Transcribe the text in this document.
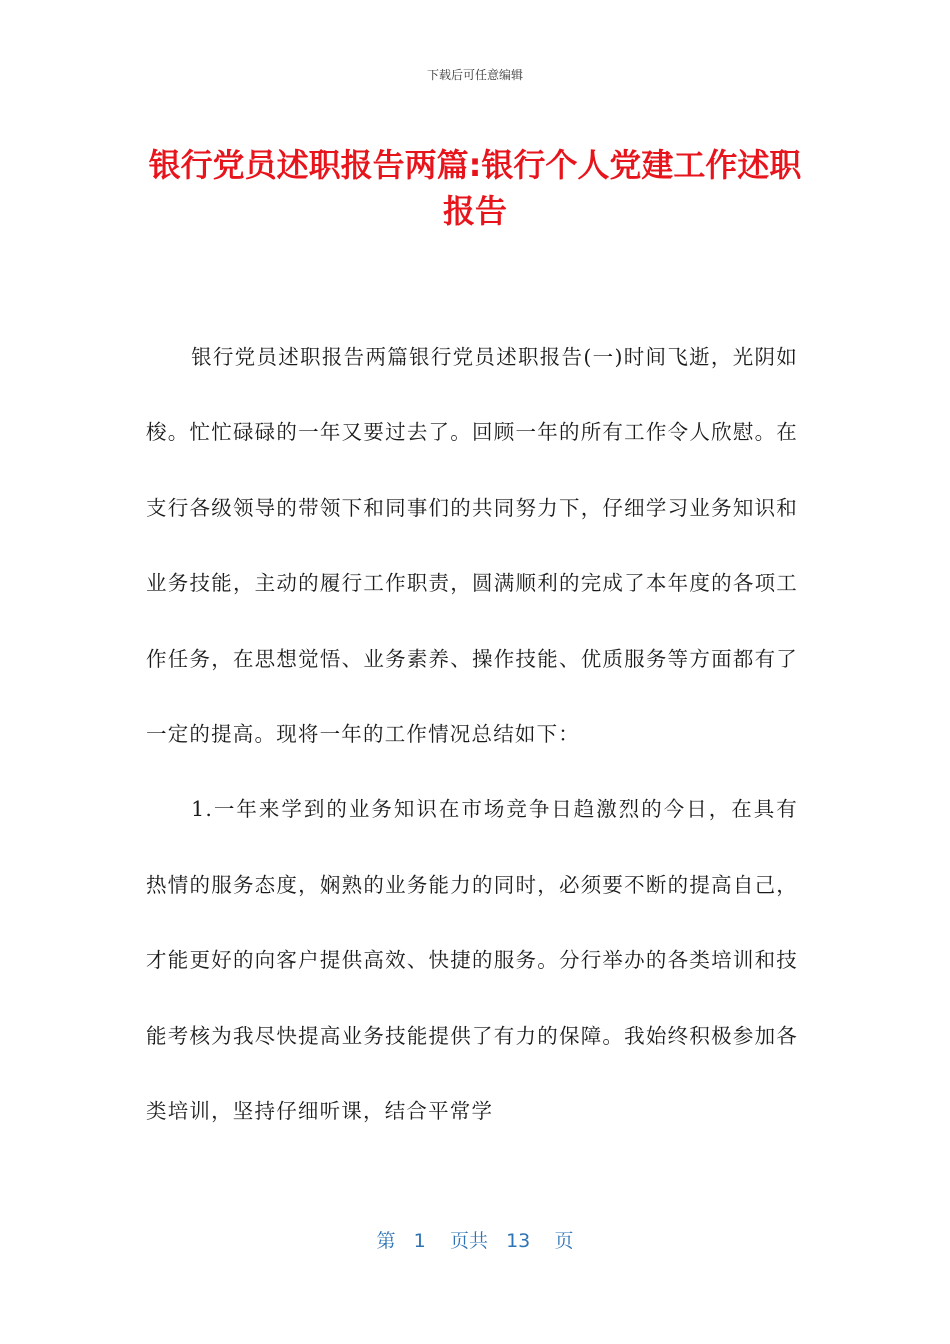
下载后可任意编辑
银行党员述职报告两篇:银行个人党建工作述职报告

银行党员述职报告两篇银行党员述职报告(一)时间飞逝，光阴如梭。忙忙碌碌的一年又要过去了。回顾一年的所有工作令人欣慰。在支行各级领导的带领下和同事们的共同努力下，仔细学习业务知识和业务技能，主动的履行工作职责，圆满顺利的完成了本年度的各项工作任务，在思想觉悟、业务素养、操作技能、优质服务等方面都有了一定的提高。现将一年的工作情况总结如下：

1.一年来学到的业务知识在市场竞争日趋激烈的今日，在具有热情的服务态度，娴熟的业务能力的同时，必须要不断的提高自己，才能更好的向客户提供高效、快捷的服务。分行举办的各类培训和技能考核为我尽快提高业务技能提供了有力的保障。我始终积极参加各类培训，坚持仔细听课，结合平常学

第 1 页共 13 页
